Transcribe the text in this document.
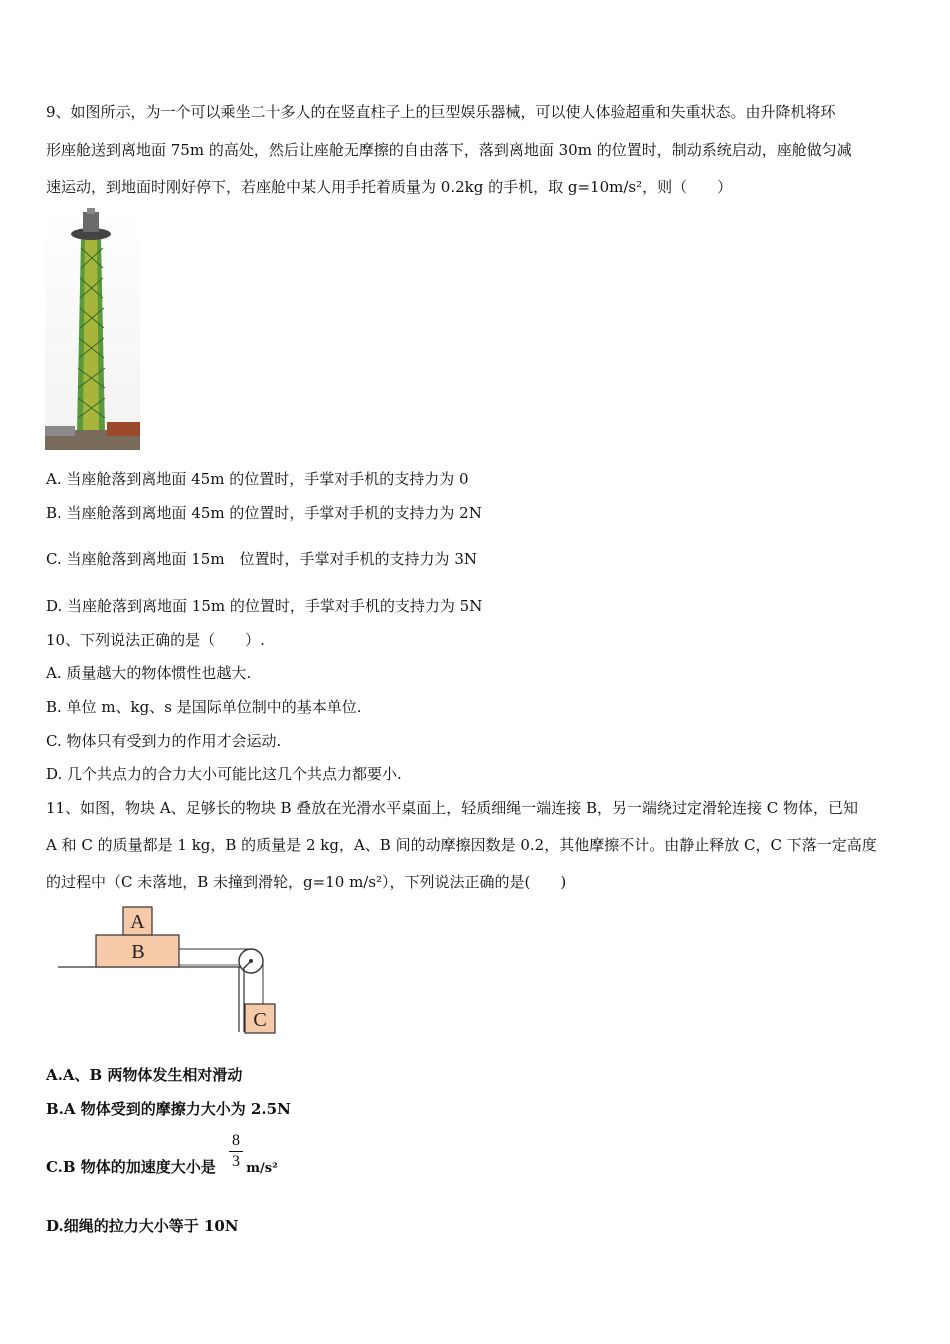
9、如图所示，为一个可以乘坐二十多人的在竖直柱子上的巨型娱乐器械，可以使人体验超重和失重状态。由升降机将环
形座舱送到离地面 75m 的高处，然后让座舱无摩擦的自由落下，落到离地面 30m 的位置时，制动系统启动，座舱做匀减
速运动，到地面时刚好停下，若座舱中某人用手托着质量为 0.2kg 的手机，取 g=10m/s²，则（　　）
A. 当座舱落到离地面 45m 的位置时，手掌对手机的支持力为 0
B. 当座舱落到离地面 45m 的位置时，手掌对手机的支持力为 2N
C. 当座舱落到离地面 15m　位置时，手掌对手机的支持力为 3N
D. 当座舱落到离地面 15m 的位置时，手掌对手机的支持力为 5N
10、下列说法正确的是（　　）.
A. 质量越大的物体惯性也越大.
B. 单位 m、kg、s 是国际单位制中的基本单位.
C. 物体只有受到力的作用才会运动.
D. 几个共点力的合力大小可能比这几个共点力都要小.
11、如图，物块 A、足够长的物块 B 叠放在光滑水平桌面上，轻质细绳一端连接 B，另一端绕过定滑轮连接 C 物体，已知
A 和 C 的质量都是 1 kg，B 的质量是 2 kg，A、B 间的动摩擦因数是 0.2，其他摩擦不计。由静止释放 C，C 下落一定高度
的过程中（C 未落地，B 未撞到滑轮，g=10 m/s²），下列说法正确的是(　　)
B
A
C
A.A、B 两物体发生相对滑动
B.A 物体受到的摩擦力大小为 2.5N
C.B 物体的加速度大小是 m/s²
8
3
D.细绳的拉力大小等于 10N
